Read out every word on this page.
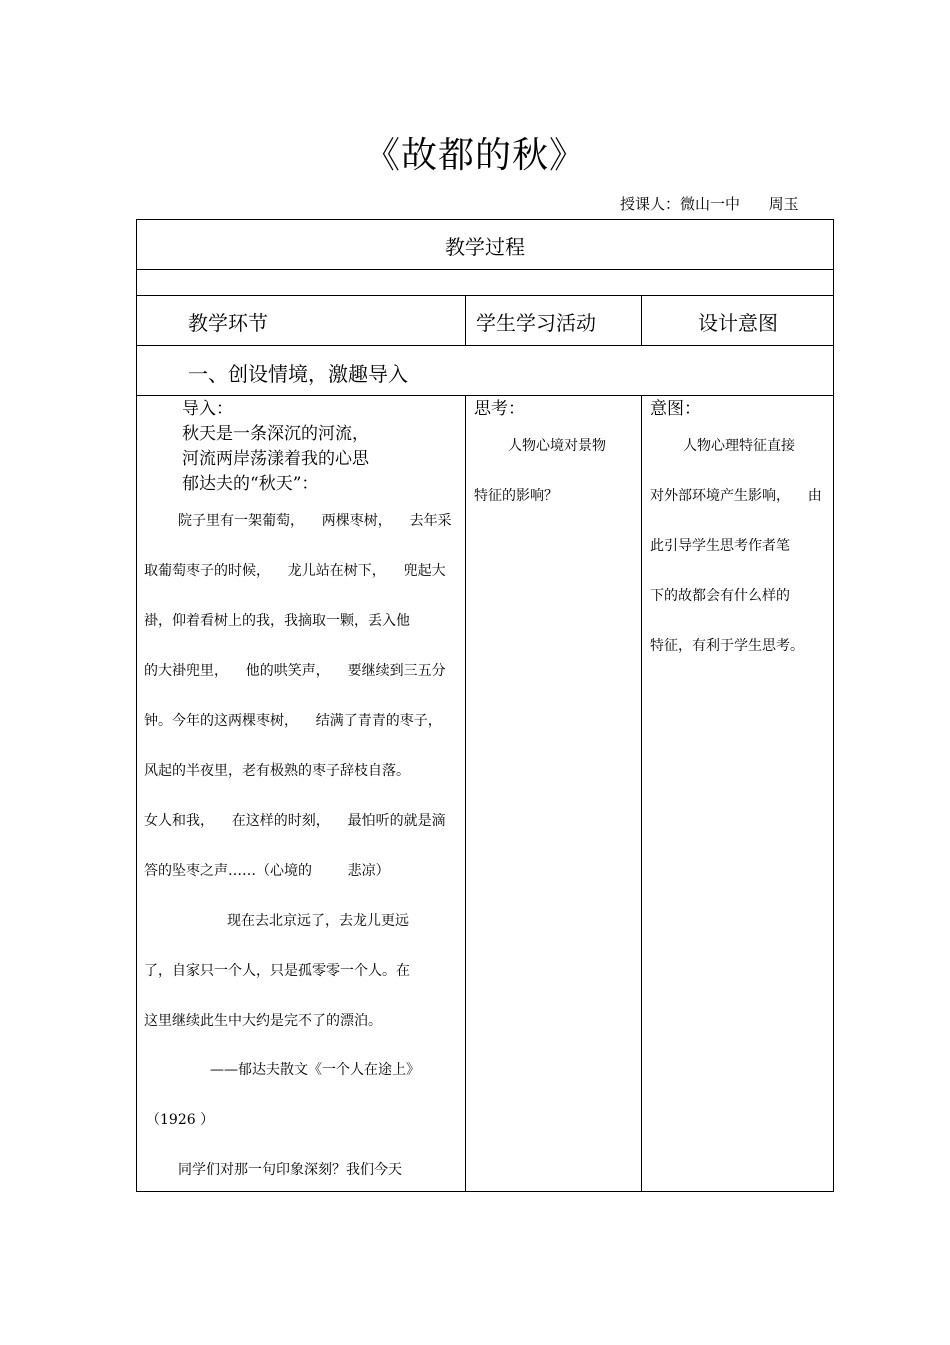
《故都的秋》
授课人：微山一中      周玉
教学过程
教学环节	学生学习活动	设计意图
一、创设情境，激趣导入
导入：
秋天是一条深沉的河流，
河流两岸荡漾着我的心思
郁达夫的“秋天”：
院子里有一架葡萄，    两棵枣树，    去年采
取葡萄枣子的时候，    龙儿站在树下，    兜起大
褂，仰着看树上的我，我摘取一颗，丢入他
的大褂兜里，    他的哄笑声，    要继续到三五分
钟。今年的这两棵枣树，    结满了青青的枣子，
风起的半夜里，老有极熟的枣子辞枝自落。
女人和我，    在这样的时刻，    最怕听的就是滴
答的坠枣之声……（心境的        悲凉）
现在去北京远了，去龙儿更远
了，自家只一个人，只是孤零零一个人。在
这里继续此生中大约是完不了的漂泊。
——郁达夫散文《一个人在途上》
（1926 ）
同学们对那一句印象深刻？我们今天
思考：
人物心境对景物
特征的影响？
意图：
人物心理特征直接
对外部环境产生影响，    由
此引导学生思考作者笔
下的故都会有什么样的
特征，有利于学生思考。
